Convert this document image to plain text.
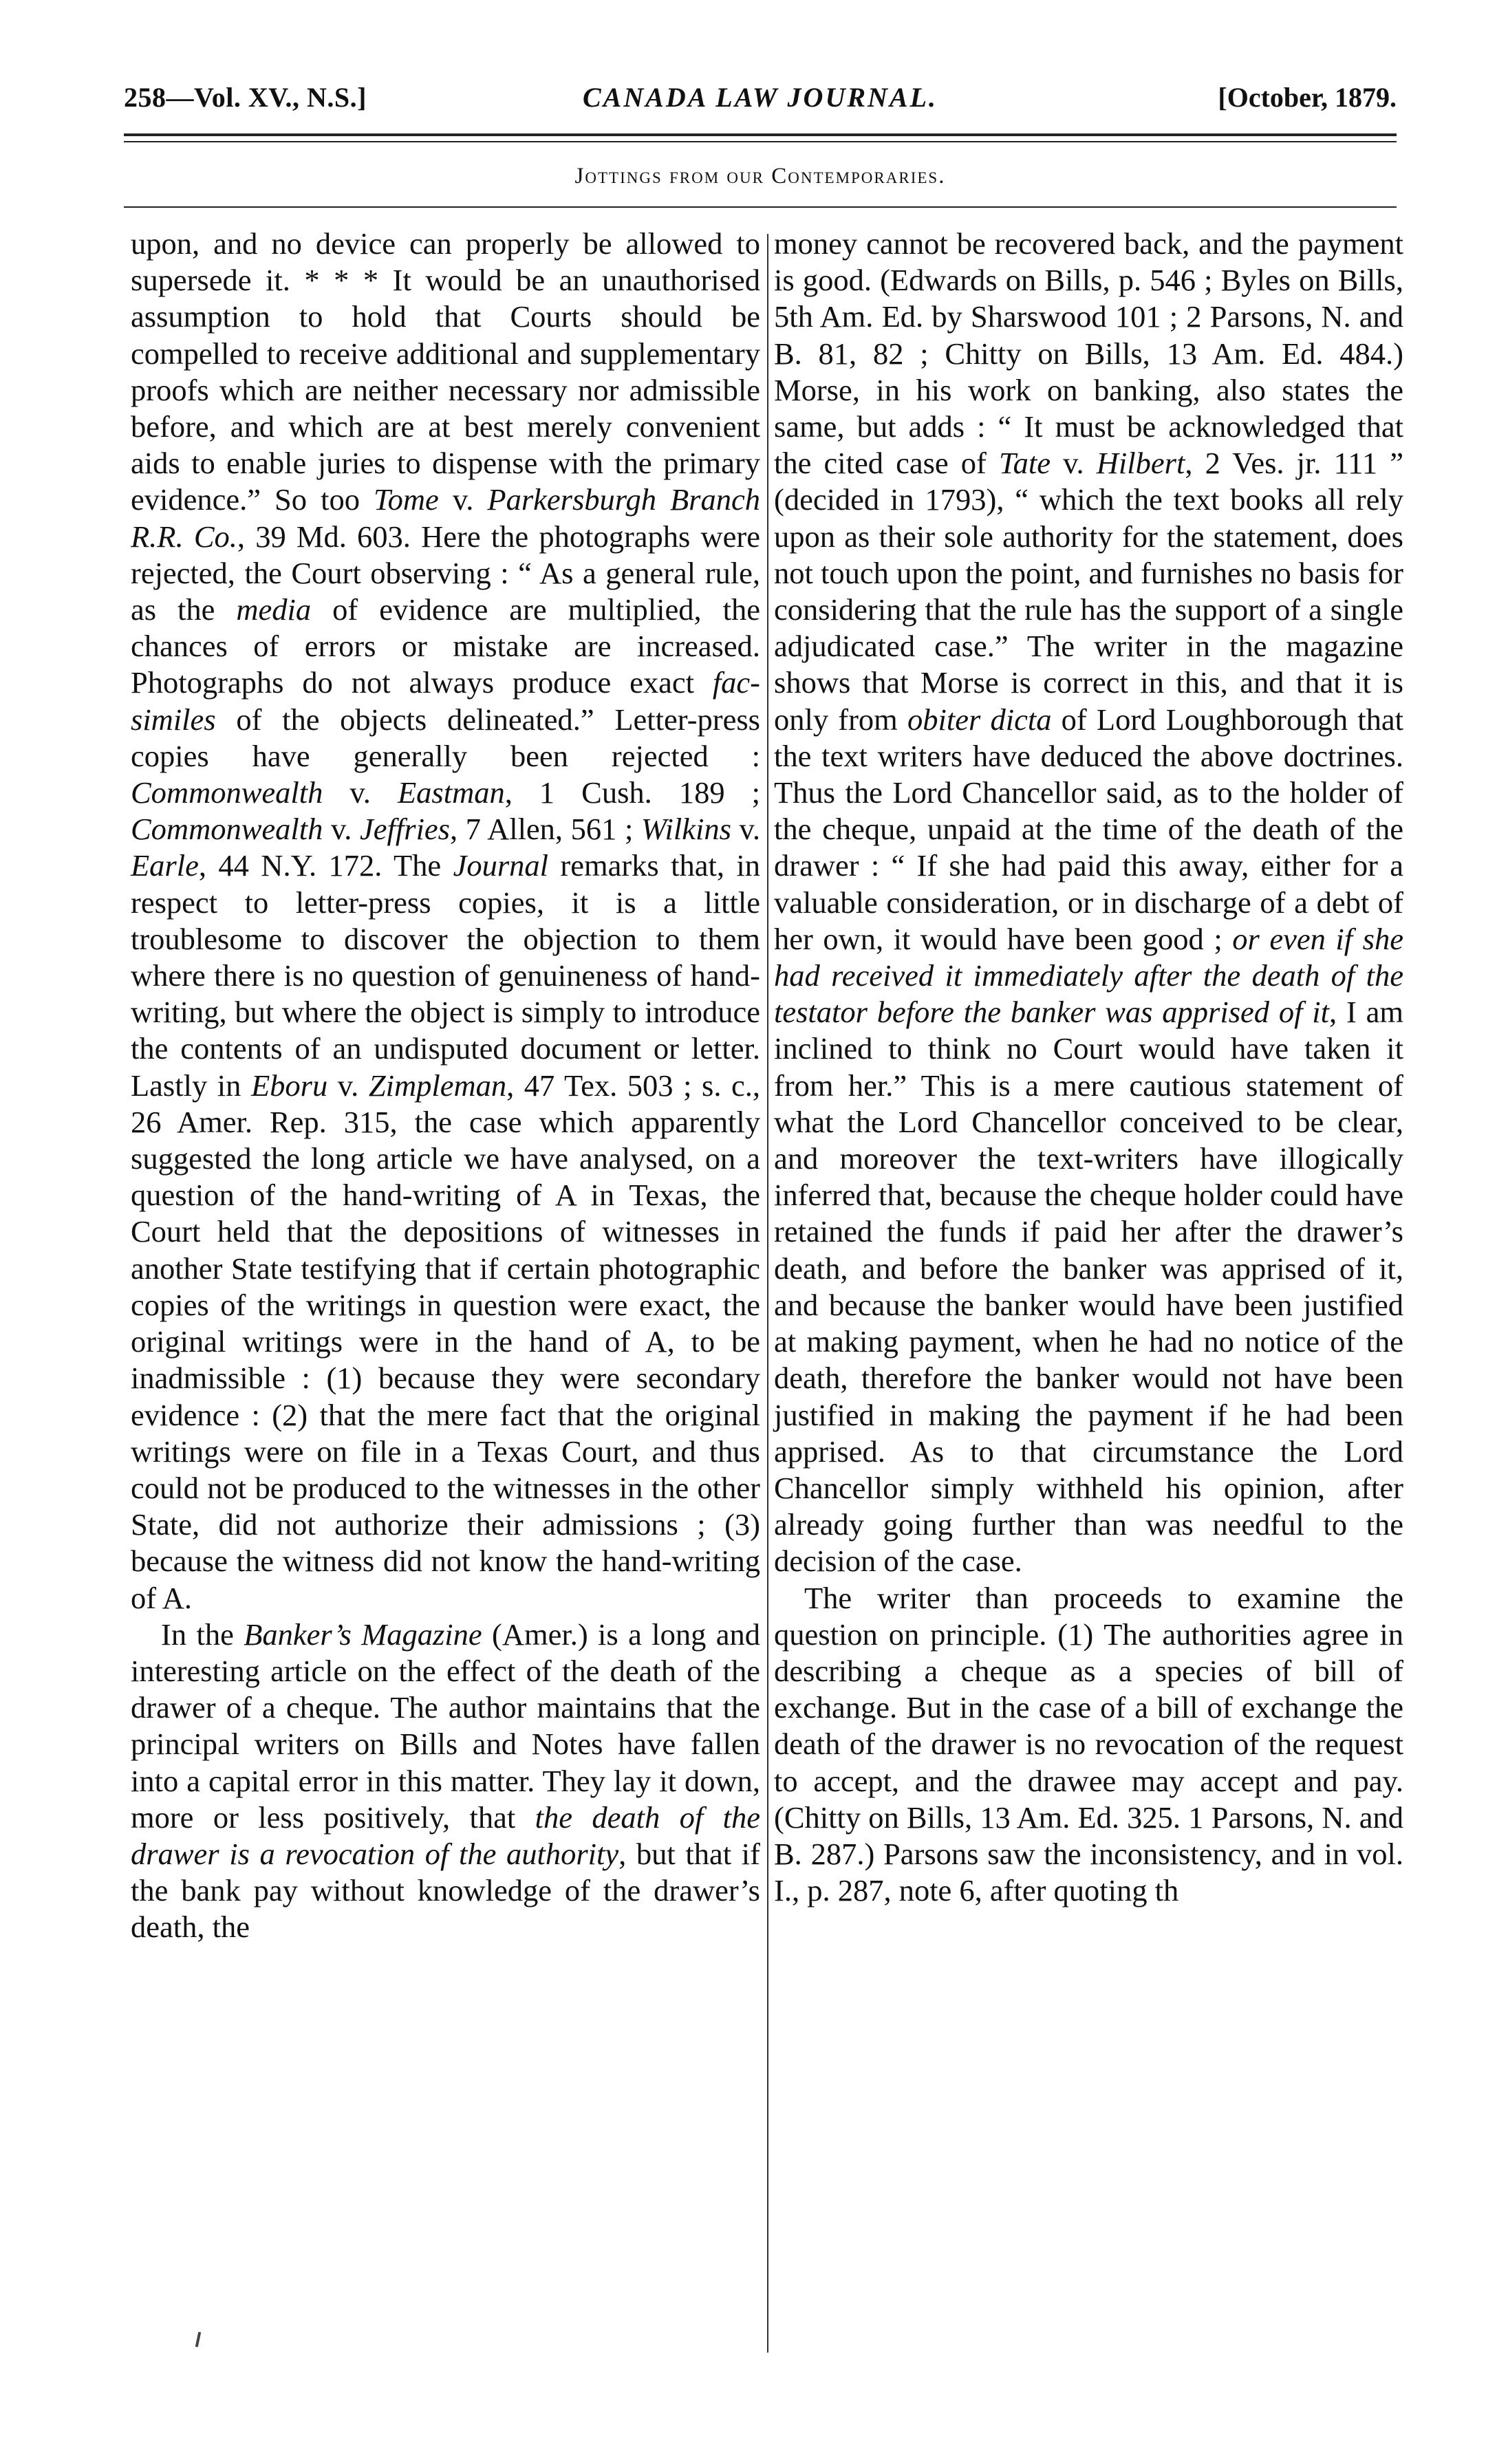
258—Vol. XV., N.S.]	CANADA LAW JOURNAL.	[October, 1879.
Jottings from our Contemporaries.

upon, and no device can properly be allowed to supersede it. * * * It would be an unauthorised assumption to hold that Courts should be compelled to receive additional and supplementary proofs which are neither necessary nor admissible before, and which are at best merely convenient aids to enable juries to dispense with the primary evidence.” So too Tome v. Parkersburgh Branch R.R. Co., 39 Md. 603. Here the photographs were rejected, the Court observing : “ As a general rule, as the media of evidence are multiplied, the chances of errors or mistake are increased. Photographs do not always produce exact fac-similes of the objects delineated.” Letter-press copies have generally been rejected : Commonwealth v. Eastman, 1 Cush. 189 ; Commonwealth v. Jeffries, 7 Allen, 561 ; Wilkins v. Earle, 44 N.Y. 172. The Journal remarks that, in respect to letter-press copies, it is a little troublesome to discover the objection to them where there is no question of genuineness of hand-writing, but where the object is simply to introduce the contents of an undisputed document or letter. Lastly in Eboru v. Zimpleman, 47 Tex. 503 ; s. c., 26 Amer. Rep. 315, the case which apparently suggested the long article we have analysed, on a question of the hand-writing of A in Texas, the Court held that the depositions of witnesses in another State testifying that if certain photographic copies of the writings in question were exact, the original writings were in the hand of A, to be inadmissible : (1) because they were secondary evidence : (2) that the mere fact that the original writings were on file in a Texas Court, and thus could not be produced to the witnesses in the other State, did not authorize their admissions ; (3) because the witness did not know the hand-writing of A.

In the Banker’s Magazine (Amer.) is a long and interesting article on the effect of the death of the drawer of a cheque. The author maintains that the principal writers on Bills and Notes have fallen into a capital error in this matter. They lay it down, more or less positively, that the death of the drawer is a revocation of the authority, but that if the bank pay without knowledge of the drawer’s death, the

money cannot be recovered back, and the payment is good. (Edwards on Bills, p. 546 ; Byles on Bills, 5th Am. Ed. by Sharswood 101 ; 2 Parsons, N. and B. 81, 82 ; Chitty on Bills, 13 Am. Ed. 484.) Morse, in his work on banking, also states the same, but adds : “ It must be acknowledged that the cited case of Tate v. Hilbert, 2 Ves. jr. 111 ” (decided in 1793), “ which the text books all rely upon as their sole authority for the statement, does not touch upon the point, and furnishes no basis for considering that the rule has the support of a single adjudicated case.” The writer in the magazine shows that Morse is correct in this, and that it is only from obiter dicta of Lord Loughborough that the text writers have deduced the above doctrines. Thus the Lord Chancellor said, as to the holder of the cheque, unpaid at the time of the death of the drawer : “ If she had paid this away, either for a valuable consideration, or in discharge of a debt of her own, it would have been good ; or even if she had received it immediately after the death of the testator before the banker was apprised of it, I am inclined to think no Court would have taken it from her.” This is a mere cautious statement of what the Lord Chancellor conceived to be clear, and moreover the text-writers have illogically inferred that, because the cheque holder could have retained the funds if paid her after the drawer’s death, and before the banker was apprised of it, and because the banker would have been justified at making payment, when he had no notice of the death, therefore the banker would not have been justified in making the payment if he had been apprised. As to that circumstance the Lord Chancellor simply withheld his opinion, after already going further than was needful to the decision of the case.

The writer than proceeds to examine the question on principle. (1) The authorities agree in describing a cheque as a species of bill of exchange. But in the case of a bill of exchange the death of the drawer is no revocation of the request to accept, and the drawee may accept and pay. (Chitty on Bills, 13 Am. Ed. 325. 1 Parsons, N. and B. 287.) Parsons saw the inconsistency, and in vol. I., p. 287, note 6, after quoting th
